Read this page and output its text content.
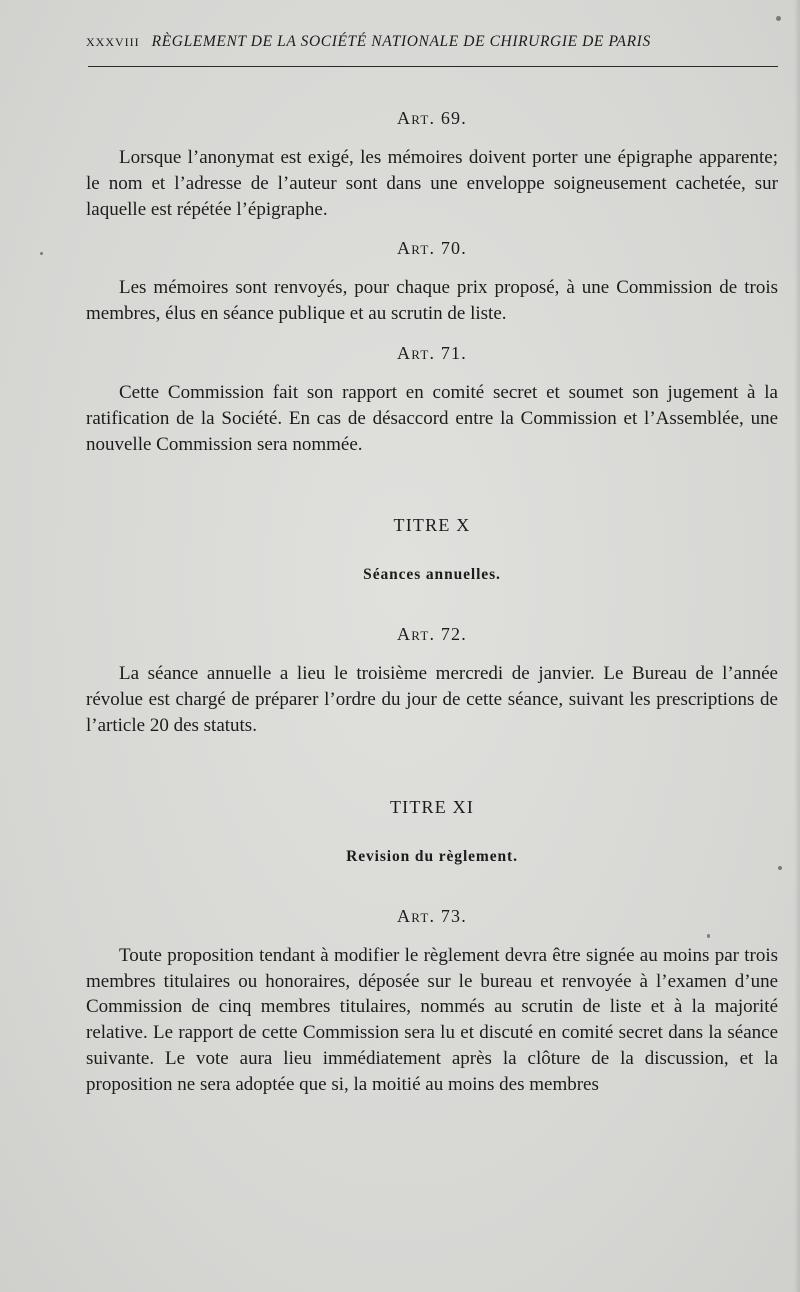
XXXVIII RÈGLEMENT DE LA SOCIÉTÉ NATIONALE DE CHIRURGIE DE PARIS
Art. 69.

Lorsque l’anonymat est exigé, les mémoires doivent porter une épigraphe apparente; le nom et l’adresse de l’auteur sont dans une enveloppe soigneusement cachetée, sur laquelle est répétée l’épigraphe.

Art. 70.

Les mémoires sont renvoyés, pour chaque prix proposé, à une Commission de trois membres, élus en séance publique et au scrutin de liste.

Art. 71.

Cette Commission fait son rapport en comité secret et soumet son jugement à la ratification de la Société. En cas de désaccord entre la Commission et l’Assemblée, une nouvelle Commission sera nommée.

TITRE X
Séances annuelles.
Art. 72.

La séance annuelle a lieu le troisième mercredi de janvier. Le Bureau de l’année révolue est chargé de préparer l’ordre du jour de cette séance, suivant les prescriptions de l’article 20 des statuts.

TITRE XI
Revision du règlement.
Art. 73.

Toute proposition tendant à modifier le règlement devra être signée au moins par trois membres titulaires ou honoraires, déposée sur le bureau et renvoyée à l’examen d’une Commission de cinq membres titulaires, nommés au scrutin de liste et à la majorité relative. Le rapport de cette Commission sera lu et discuté en comité secret dans la séance suivante. Le vote aura lieu immédiatement après la clôture de la discussion, et la proposition ne sera adoptée que si, la moitié au moins des membres
